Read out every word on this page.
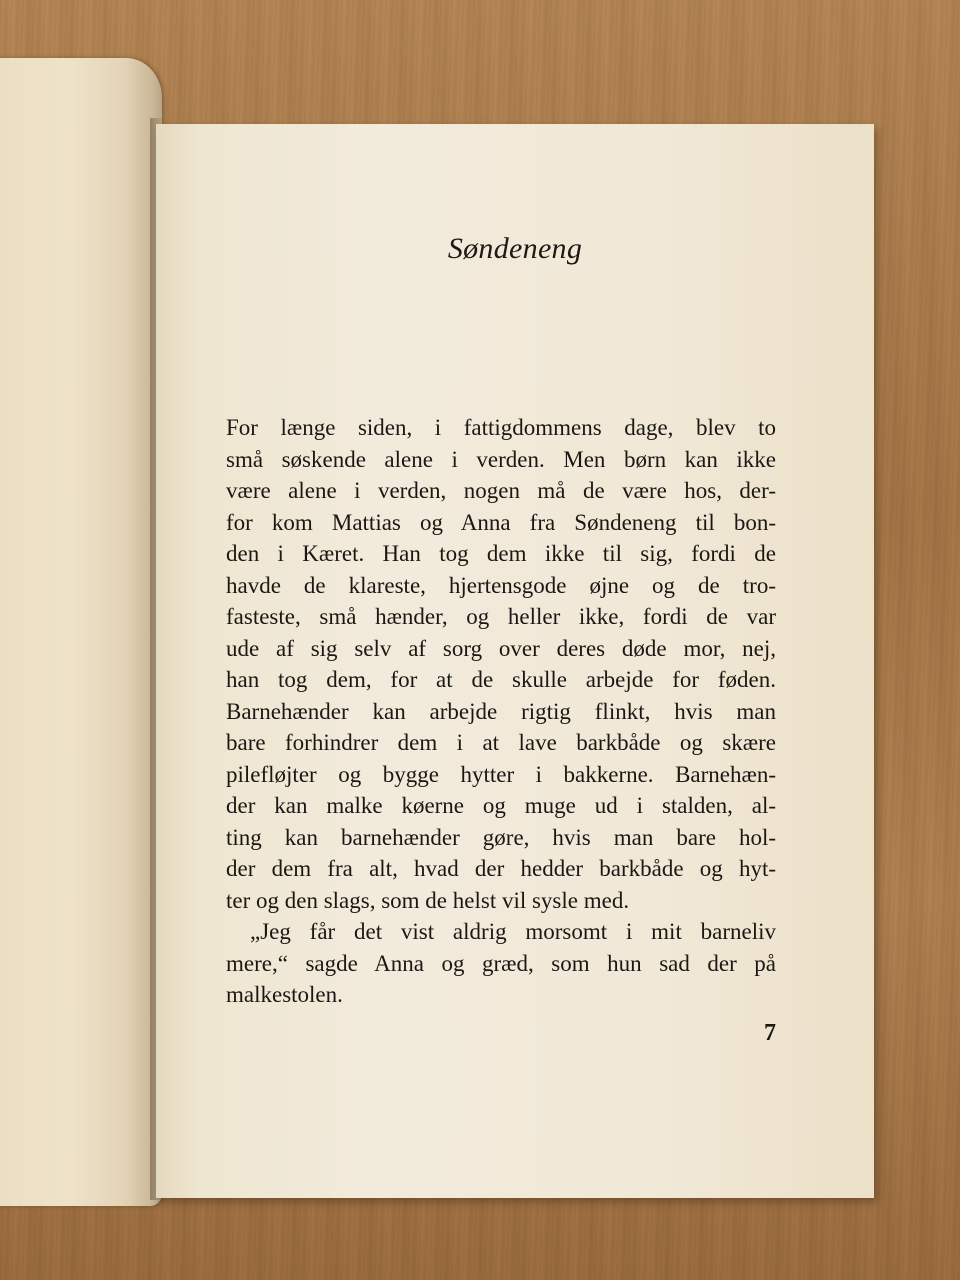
Søndeneng
For længe siden, i fattigdommens dage, blev to
små søskende alene i verden. Men børn kan ikke
være alene i verden, nogen må de være hos, der-
for kom Mattias og Anna fra Søndeneng til bon-
den i Kæret. Han tog dem ikke til sig, fordi de
havde de klareste, hjertensgode øjne og de tro-
fasteste, små hænder, og heller ikke, fordi de var
ude af sig selv af sorg over deres døde mor, nej,
han tog dem, for at de skulle arbejde for føden.
Barnehænder kan arbejde rigtig flinkt, hvis man
bare forhindrer dem i at lave barkbåde og skære
pilefløjter og bygge hytter i bakkerne. Barnehæn-
der kan malke køerne og muge ud i stalden, al-
ting kan barnehænder gøre, hvis man bare hol-
der dem fra alt, hvad der hedder barkbåde og hyt-
ter og den slags, som de helst vil sysle med.
„Jeg får det vist aldrig morsomt i mit barneliv
mere,“ sagde Anna og græd, som hun sad der på
malkestolen.
7
